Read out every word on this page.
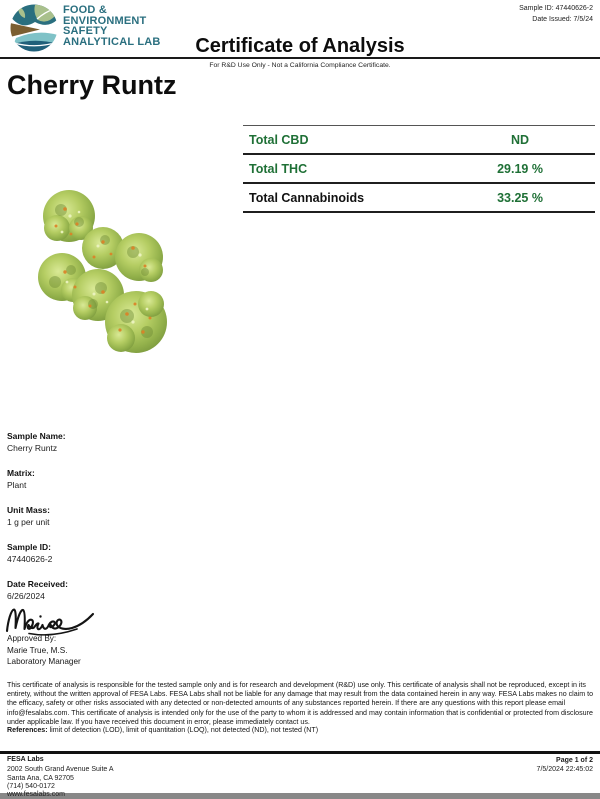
FOOD &
ENVIRONMENT
SAFETY
ANALYTICAL LAB
Sample ID: 47440626-2
Date Issued: 7/5/24
Certificate of Analysis
For R&D Use Only - Not a California Compliance Certificate.
Cherry Runtz
Total CBD	ND
Total THC	29.19 %
Total Cannabinoids	33.25 %
Sample Name:
Cherry Runtz
Matrix:
Plant
Unit Mass:
1 g per unit
Sample ID:
47440626-2
Date Received:
6/26/2024
Approved By:
Marie True, M.S.
Laboratory Manager

This certificate of analysis is responsible for the tested sample only and is for research and development (R&D) use only. This certificate of analysis shall not be reproduced, except in its entirety, without the written approval of FESA Labs. FESA Labs shall not be liable for any damage that may result from the data contained herein in any way. FESA Labs makes no claim to the efficacy, safety or other risks associated with any detected or non-detected amounts of any substances reported herein. If there are any questions with this report please email info@fesalabs.com. This certificate of analysis is intended only for the use of the party to whom it is addressed and may contain information that is confidential or protected from disclosure under applicable law. If you have received this document in error, please immediately contact us.

References: limit of detection (LOD), limit of quantitation (LOQ), not detected (ND), not tested (NT)

FESA Labs
2002 South Grand Avenue Suite A
Santa Ana, CA 92705
(714) 540-0172
www.fesalabs.com
Page 1 of 2
7/5/2024 22:45:02
